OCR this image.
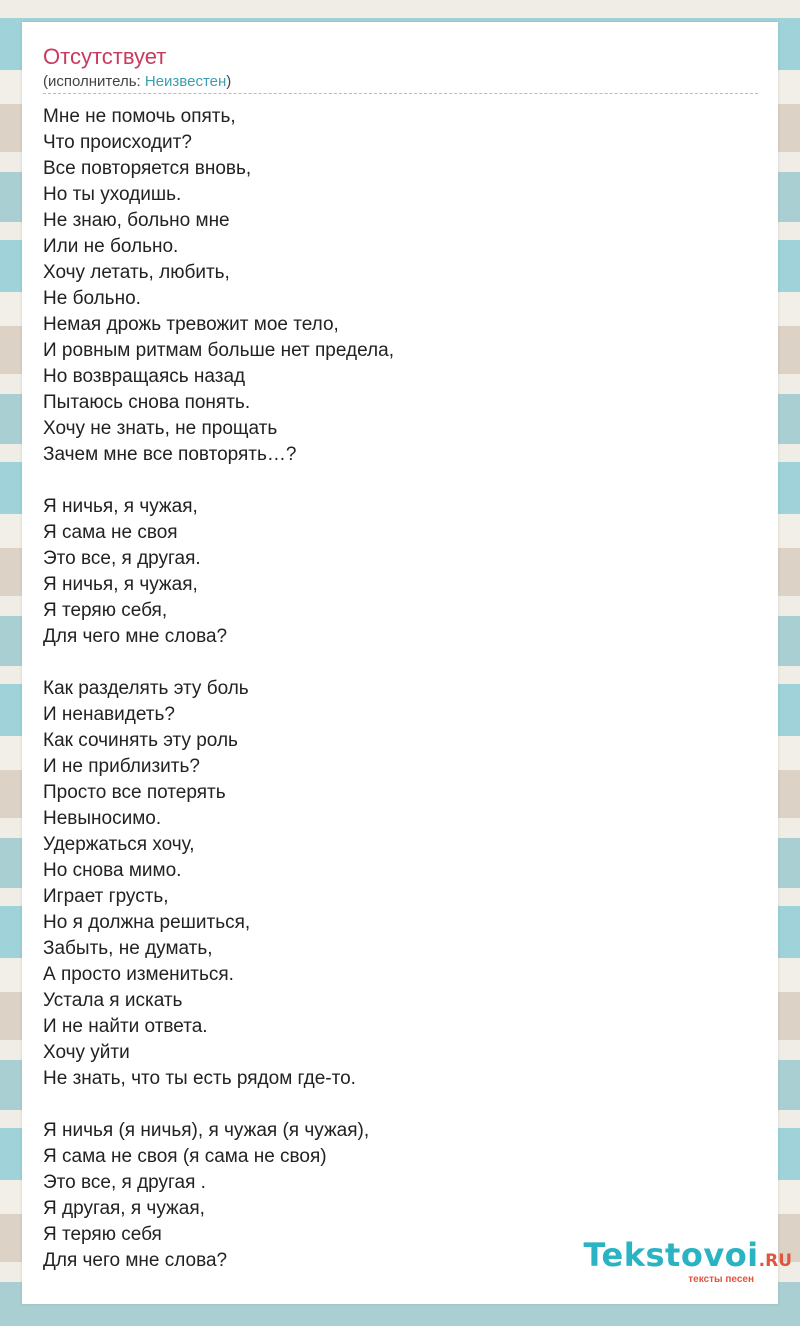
Отсутствует
(исполнитель: Неизвестен)
Мне не помочь опять,
Что происходит?
Все повторяется вновь,
Но ты уходишь.
Не знаю, больно мне
Или не больно.
Хочу летать, любить,
Не больно.
Немая дрожь тревожит мое тело,
И ровным ритмам больше нет предела,
Но возвращаясь назад
Пытаюсь снова понять.
Хочу не знать, не прощать
Зачем мне все повторять…?
Я ничья, я чужая,
Я сама не своя
Это все, я другая.
Я ничья, я чужая,
Я теряю себя,
Для чего мне слова?
Как разделять эту боль
И ненавидеть?
Как сочинять эту роль
И не приблизить?
Просто все потерять
Невыносимо.
Удержаться хочу,
Но снова мимо.
Играет грусть,
Но я должна решиться,
Забыть, не думать,
А просто измениться.
Устала я искать
И не найти ответа.
Хочу уйти
Не знать, что ты есть рядом где-то.
Я ничья (я ничья), я чужая (я чужая),
Я сама не своя (я сама не своя)
Это все, я другая .
Я другая, я чужая,
Я теряю себя
Для чего мне слова?	Tekstovoi.RU
тексты песен
